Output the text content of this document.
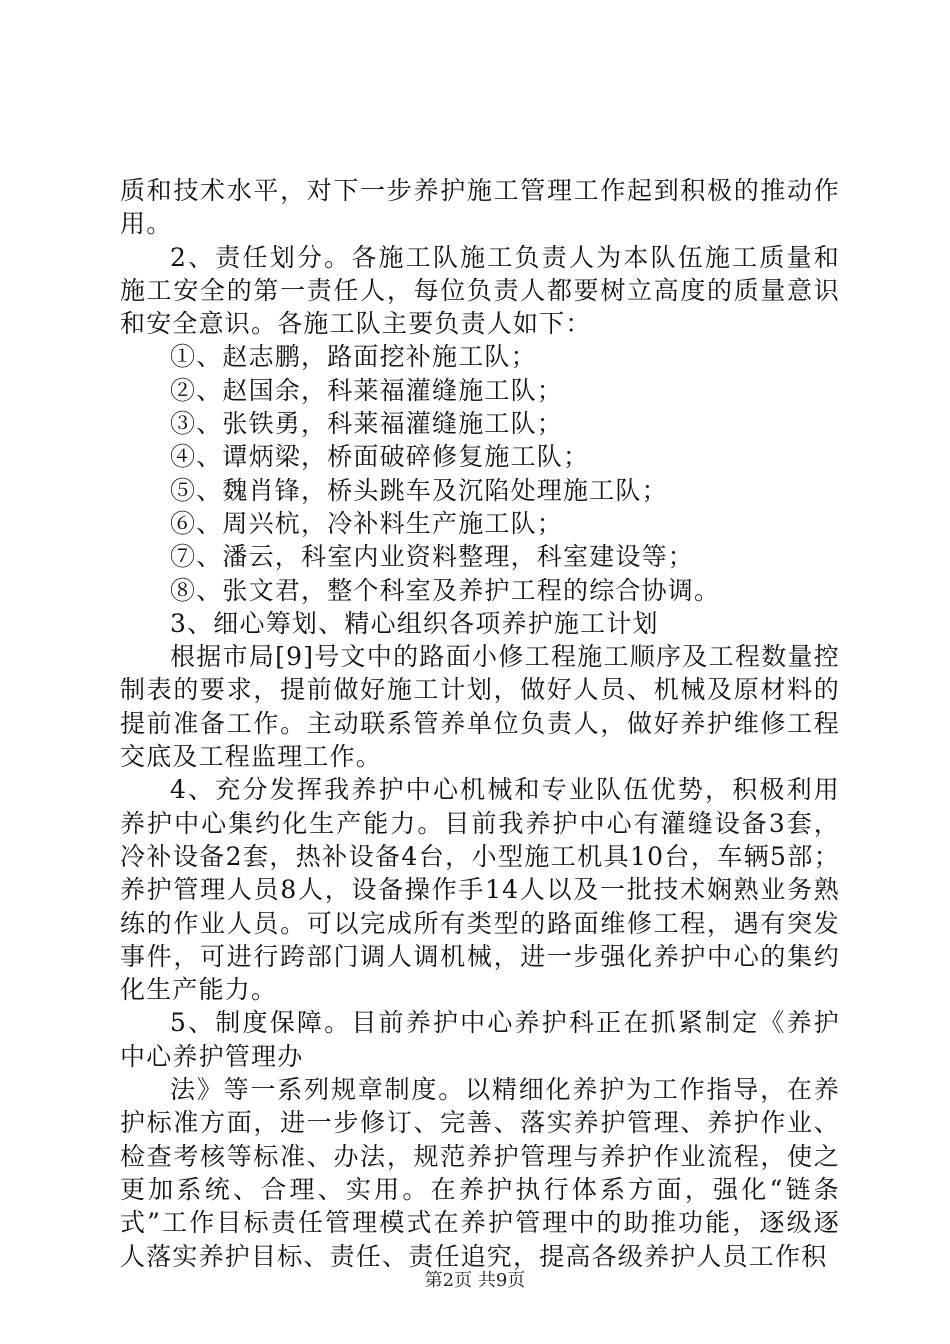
质和技术水平，对下一步养护施工管理工作起到积极的推动作用。

2、责任划分。各施工队施工负责人为本队伍施工质量和施工安全的第一责任人，每位负责人都要树立高度的质量意识和安全意识。各施工队主要负责人如下：

①、赵志鹏，路面挖补施工队；

②、赵国余，科莱福灌缝施工队；

③、张铁勇，科莱福灌缝施工队；

④、谭炳梁，桥面破碎修复施工队；

⑤、魏肖锋，桥头跳车及沉陷处理施工队；

⑥、周兴杭，冷补料生产施工队；

⑦、潘云，科室内业资料整理，科室建设等；

⑧、张文君，整个科室及养护工程的综合协调。

3、细心筹划、精心组织各项养护施工计划

根据市局[9]号文中的路面小修工程施工顺序及工程数量控制表的要求，提前做好施工计划，做好人员、机械及原材料的提前准备工作。主动联系管养单位负责人，做好养护维修工程交底及工程监理工作。

4、充分发挥我养护中心机械和专业队伍优势，积极利用养护中心集约化生产能力。目前我养护中心有灌缝设备3套，冷补设备2套，热补设备4台，小型施工机具10台，车辆5部；养护管理人员8人，设备操作手14人以及一批技术娴熟业务熟练的作业人员。可以完成所有类型的路面维修工程，遇有突发事件，可进行跨部门调人调机械，进一步强化养护中心的集约化生产能力。

5、制度保障。目前养护中心养护科正在抓紧制定《养护中心养护管理办

法》等一系列规章制度。以精细化养护为工作指导，在养护标准方面，进一步修订、完善、落实养护管理、养护作业、检查考核等标准、办法，规范养护管理与养护作业流程，使之更加系统、合理、实用。在养护执行体系方面，强化“链条式”工作目标责任管理模式在养护管理中的助推功能，逐级逐人落实养护目标、责任、责任追究，提高各级养护人员工作积

第2页 共9页
